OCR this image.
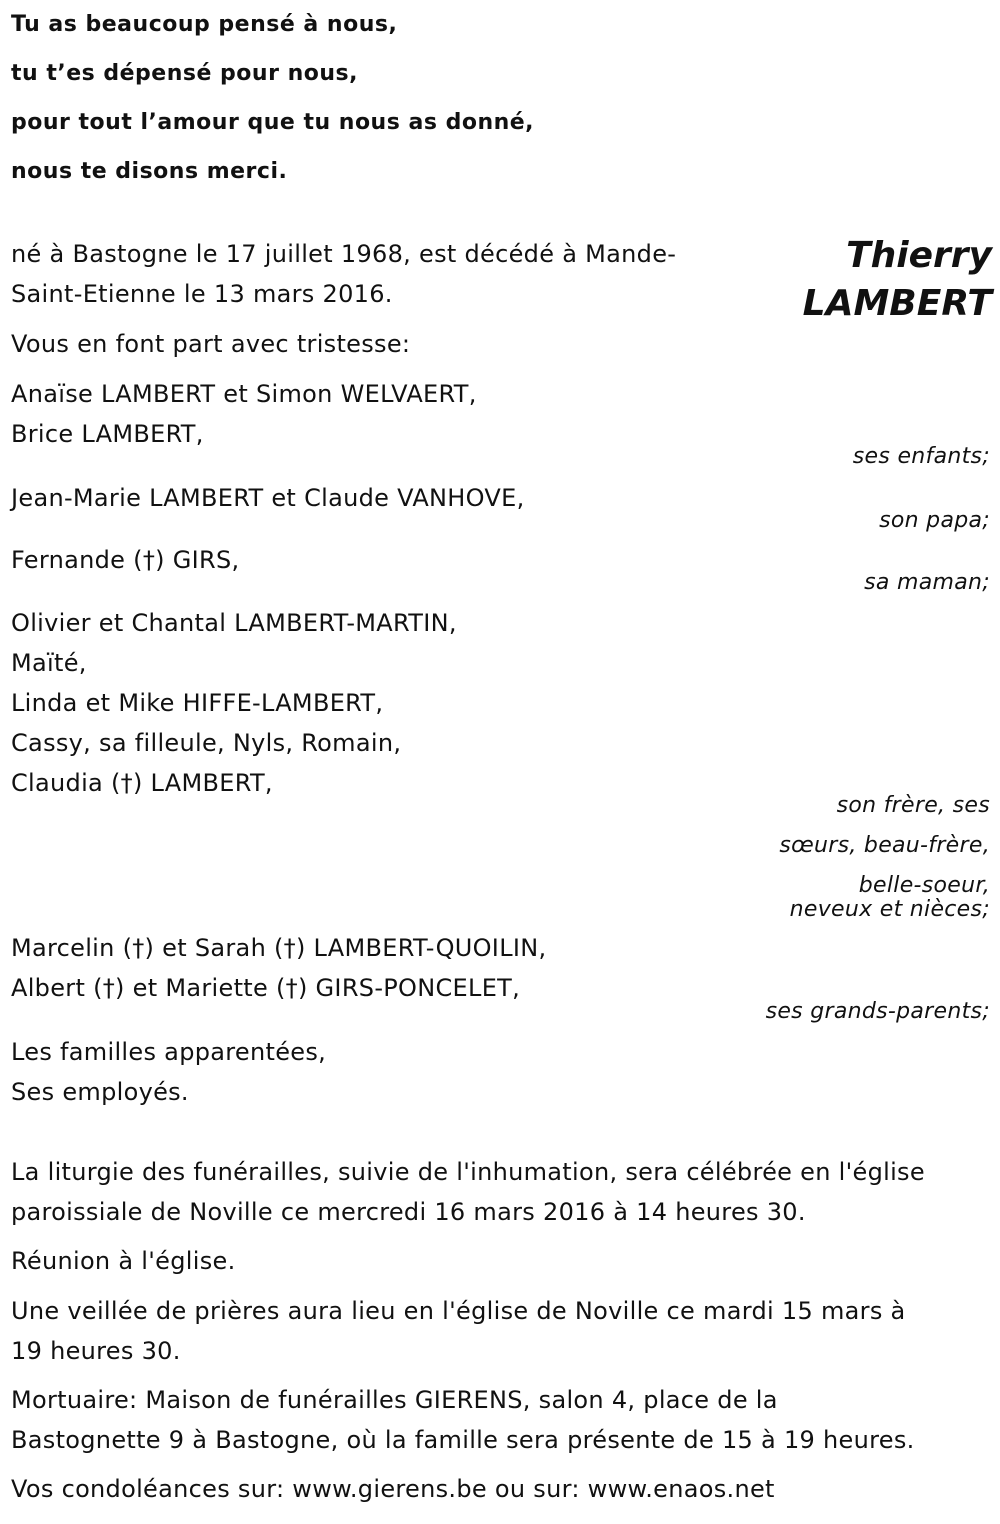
Tu as beaucoup pensé à nous,
tu t’es dépensé pour nous,
pour tout l’amour que tu nous as donné,
nous te disons merci.
Thierry
LAMBERT
né à Bastogne le 17 juillet 1968, est décédé à Mande-
Saint-Etienne le 13 mars 2016.
Vous en font part avec tristesse:
Anaïse LAMBERT et Simon WELVAERT,
Brice LAMBERT,
ses enfants;
Jean-Marie LAMBERT et Claude VANHOVE,
son papa;
Fernande (†) GIRS,
sa maman;
Olivier et Chantal LAMBERT-MARTIN,
Maïté,
Linda et Mike HIFFE-LAMBERT,
Cassy, sa filleule, Nyls, Romain,
Claudia (†) LAMBERT,
son frère, ses
sœurs, beau-frère,
belle-soeur,
neveux et nièces;
Marcelin (†) et Sarah (†) LAMBERT-QUOILIN,
Albert (†) et Mariette (†) GIRS-PONCELET,
ses grands-parents;
Les familles apparentées,
Ses employés.
La liturgie des funérailles, suivie de l'inhumation, sera célébrée en l'église
paroissiale de Noville ce mercredi 16 mars 2016 à 14 heures 30.
Réunion à l'église.
Une veillée de prières aura lieu en l'église de Noville ce mardi 15 mars à
19 heures 30.
Mortuaire: Maison de funérailles GIERENS, salon 4, place de la
Bastognette 9 à Bastogne, où la famille sera présente de 15 à 19 heures.
Vos condoléances sur: www.gierens.be ou sur: www.enaos.net
